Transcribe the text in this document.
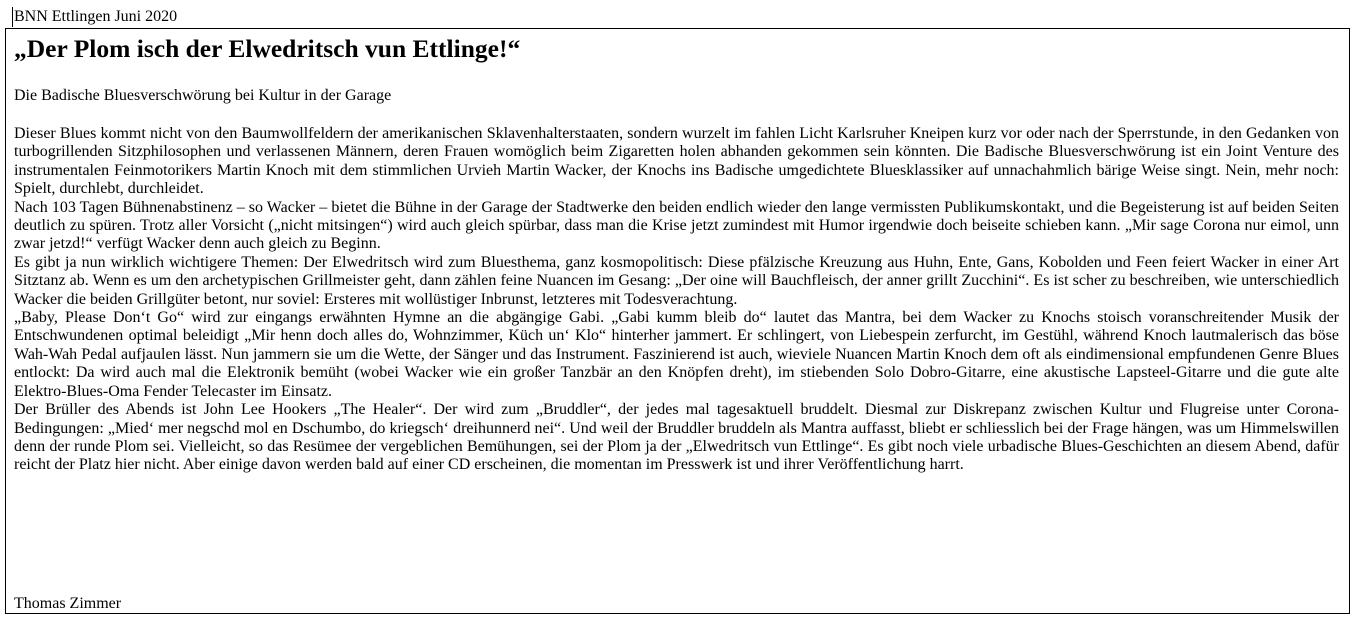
BNN Ettlingen Juni 2020
„Der Plom isch der Elwedritsch vun Ettlinge!“

Die Badische Bluesverschwörung bei Kultur in der Garage

Dieser Blues kommt nicht von den Baumwollfeldern der amerikanischen Sklavenhalterstaaten, sondern wurzelt im fahlen Licht Karlsruher Kneipen kurz vor oder nach der Sperrstunde, in den Gedanken von turbogrillenden Sitzphilosophen und verlassenen Männern, deren Frauen womöglich beim Zigaretten holen abhanden gekommen sein könnten. Die Badische Bluesverschwörung ist ein Joint Venture des instrumentalen Feinmotorikers Martin Knoch mit dem stimmlichen Urvieh Martin Wacker, der Knochs ins Badische umgedichtete Bluesklassiker auf unnachahmlich bärige Weise singt. Nein, mehr noch: Spielt, durchlebt, durchleidet.

Nach 103 Tagen Bühnenabstinenz – so Wacker – bietet die Bühne in der Garage der Stadtwerke den beiden endlich wieder den lange vermissten Publikumskontakt, und die Begeisterung ist auf beiden Seiten deutlich zu spüren. Trotz aller Vorsicht („nicht mitsingen“) wird auch gleich spürbar, dass man die Krise jetzt zumindest mit Humor irgendwie doch beiseite schieben kann. „Mir sage Corona nur eimol, unn zwar jetzd!“ verfügt Wacker denn auch gleich zu Beginn.

Es gibt ja nun wirklich wichtigere Themen: Der Elwedritsch wird zum Bluesthema, ganz kosmopolitisch: Diese pfälzische Kreuzung aus Huhn, Ente, Gans, Kobolden und Feen feiert Wacker in einer Art Sitztanz ab. Wenn es um den archetypischen Grillmeister geht, dann zählen feine Nuancen im Gesang: „Der oine will Bauchfleisch, der anner grillt Zucchini“. Es ist scher zu beschreiben, wie unterschiedlich Wacker die beiden Grillgüter betont, nur soviel: Ersteres mit wollüstiger Inbrunst, letzteres mit Todesverachtung.

„Baby, Please Don‘t Go“ wird zur eingangs erwähnten Hymne an die abgängige Gabi. „Gabi kumm bleib do“ lautet das Mantra, bei dem Wacker zu Knochs stoisch voranschreitender Musik der Entschwundenen optimal beleidigt „Mir henn doch alles do, Wohnzimmer, Küch un‘ Klo“ hinterher jammert. Er schlingert, von Liebespein zerfurcht, im Gestühl, während Knoch lautmalerisch das böse Wah-Wah Pedal aufjaulen lässt. Nun jammern sie um die Wette, der Sänger und das Instrument. Faszinierend ist auch, wieviele Nuancen Martin Knoch dem oft als eindimensional empfundenen Genre Blues entlockt: Da wird auch mal die Elektronik bemüht (wobei Wacker wie ein großer Tanzbär an den Knöpfen dreht), im stiebenden Solo Dobro-Gitarre, eine akustische Lapsteel-Gitarre und die gute alte Elektro-Blues-Oma Fender Telecaster im Einsatz.

Der Brüller des Abends ist John Lee Hookers „The Healer“. Der wird zum „Bruddler“, der jedes mal tagesaktuell bruddelt. Diesmal zur Diskrepanz zwischen Kultur und Flugreise unter Corona-Bedingungen: „Mied‘ mer negschd mol en Dschumbo, do kriegsch‘ dreihunnerd nei“. Und weil der Bruddler bruddeln als Mantra auffasst, bliebt er schliesslich bei der Frage hängen, was um Himmelswillen denn der runde Plom sei. Vielleicht, so das Resümee der vergeblichen Bemühungen, sei der Plom ja der „Elwedritsch vun Ettlinge“. Es gibt noch viele urbadische Blues-Geschichten an diesem Abend, dafür reicht der Platz hier nicht. Aber einige davon werden bald auf einer CD erscheinen, die momentan im Presswerk ist und ihrer Veröffentlichung harrt.

Thomas Zimmer
